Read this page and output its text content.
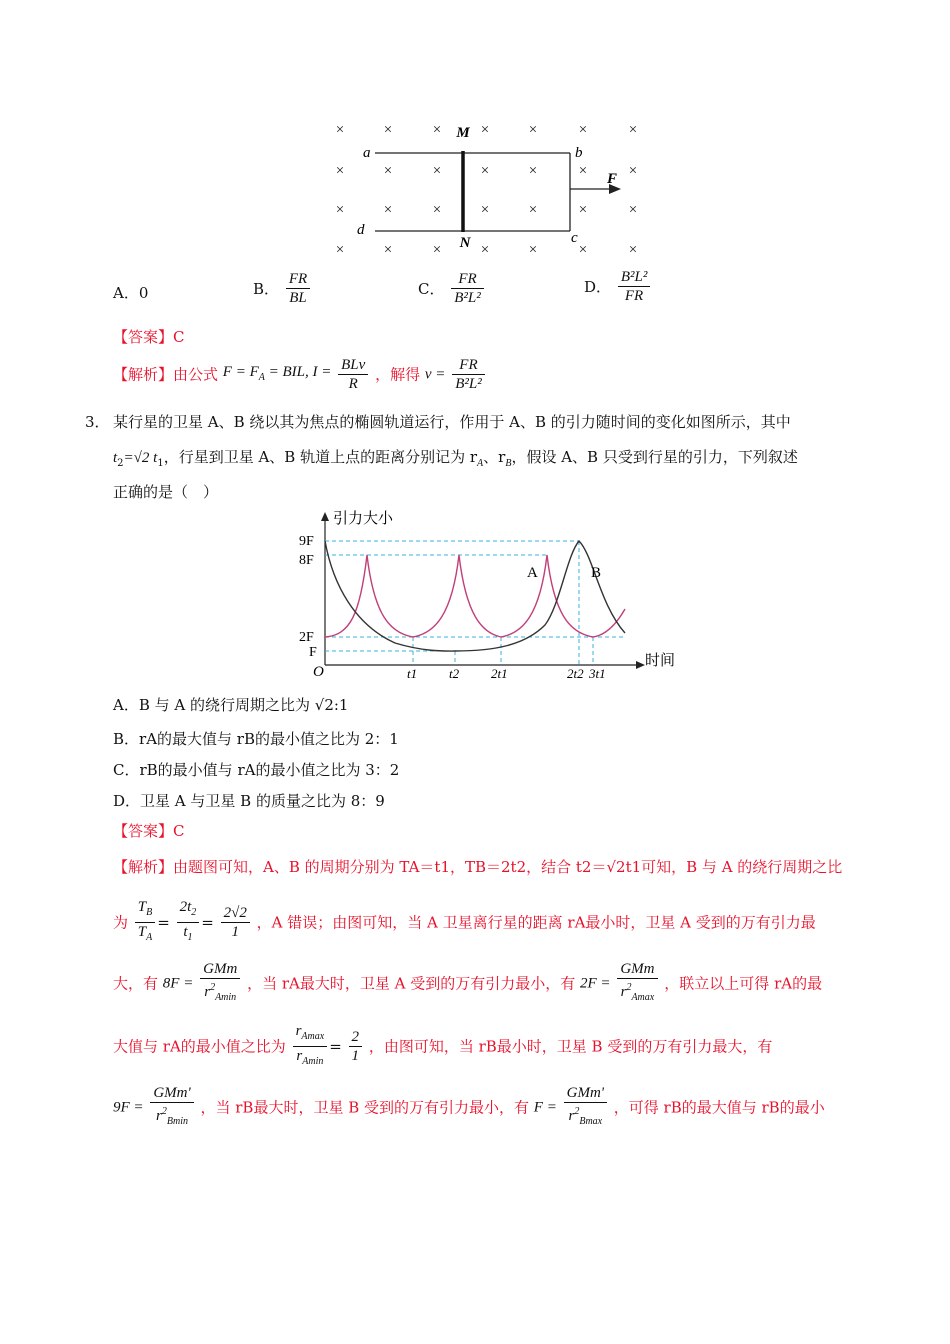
×	×	×	×	×	×	×
×	×	×	×	×	×	×
×	×	×	×	×	×	×
×	×	×	×	×	×	×
M
N
a	b
c
d
F
A．0	B． $\frac{FR}{BL}$	C． $\frac{FR}{\text{B²L²}}$	D． $\frac{\text{B²L²}}{FR}$
【答案】C
【解析】由公式 $F = F_A$ = BIL, $I = \frac{\text{BLv}}{R}$ ，解得 $v = \frac{FR}{\text{B²L²}}$
3． 某行星的卫星 A、B 绕以其为焦点的椭圆轨道运行，作用于 A、B 的引力随时间的变化如图所示，其中
$t_2=√2$ $t_1$，行星到卫星 A、B 轨道上点的距离分别记为 $r_A$、$r_B$，假设 A、B 只受到行星的引力，下列叙述
正确的是（　）
引力大小
时间
O
9F
8F
2F
F
A	B
t1 t2 2t1	2t2 3t1
A．B 与 A 的绕行周期之比为 √2:1
B．rA的最大值与 rB的最小值之比为 2：1
C．rB的最小值与 rA的最小值之比为 3：2
D．卫星 A 与卫星 B 的质量之比为 8：9
【答案】C
【解析】由题图可知，A、B 的周期分别为 TA＝t1，TB＝2t2，结合 t2＝√2t1可知，B 与 A 的绕行周期之比
为 $\frac{T_B}{T_A} = \frac{2t_2}{t_1} = \frac{2√2}{1}$ ，A 错误；由图可知，当 A 卫星离行星的距离 rA最小时，卫星 A 受到的万有引力最
大，有 $8F = \frac{\text{GMm}}{r^2_{Amin}}$ ，当 rA最大时，卫星 A 受到的万有引力最小，有 $2F = \frac{\text{GMm}}{r^2_{Amax}}$ ，联立以上可得 rA的最
大值与 rA的最小值之比为 $\frac{r_{Amax}}{r_{Amin}} = \frac{2}{1}$ ，由图可知，当 rB最小时，卫星 B 受到的万有引力最大，有
$9F = \frac{\text{GMm'}}{r^2_{Bmin}}$ ，当 rB最大时，卫星 B 受到的万有引力最小，有 $F = \frac{\text{GMm'}}{r^2_{Bmax}}$ ，可得 rB的最大值与 rB的最小
